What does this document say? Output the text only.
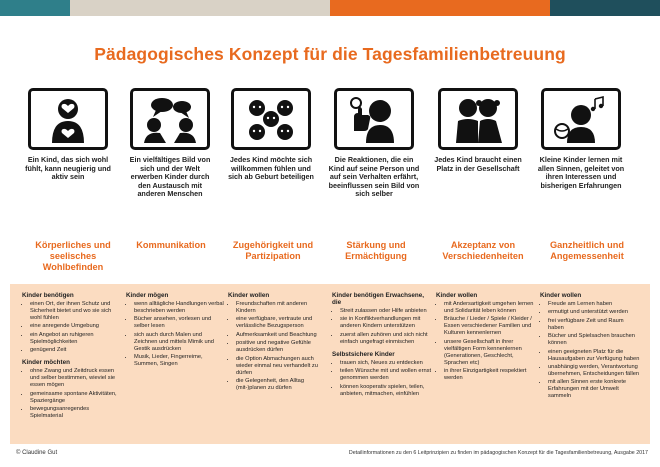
Pädagogisches Konzept für die Tagesfamilienbetreuung
Ein Kind, das sich wohl fühlt, kann neugierig und aktiv sein
Ein vielfältiges Bild von sich und der Welt erwerben Kinder durch den Austausch mit anderen Menschen
Jedes Kind möchte sich willkommen fühlen und sich ab Geburt beteiligen
Die Reaktionen, die ein Kind auf seine Person und auf sein Verhalten erfährt, beeinflussen sein Bild von sich selber
Jedes Kind braucht einen Platz in der Gesellschaft
Kleine Kinder lernen mit allen Sinnen, geleitet von ihren Interessen und bisherigen Erfahrungen
Körperliches und seelisches Wohlbefinden
Kommunikation	Zugehörigkeit und Partizipation
Stärkung und Ermächtigung
Akzeptanz von Verschiedenheiten
Ganzheitlich und Angemessenheit
Kinder benötigen
• einen Ort, der ihnen Schutz und Sicherheit bietet und wo sie sich wohl fühlen
• eine anregende Umgebung
• ein Angebot an ruhigeren Spielmöglichkeiten
• genügend Zeit
Kinder möchten
• ohne Zwang und Zeitdruck essen und selber bestimmen, wieviel sie essen mögen
• gemeinsame spontane Aktivitäten, Spaziergänge
• bewegungsanregendes Spielmaterial
Kinder mögen
• wenn alltägliche Handlungen verbal beschrieben werden
• Bücher ansehen, vorlesen und selber lesen
• sich auch durch Malen und Zeichnen und mittels Mimik und Gestik ausdrücken
• Musik, Lieder, Fingerreime, Summen, Singen
Kinder wollen
• Freundschaften mit anderen Kindern
• eine verfügbare, vertraute und verlässliche Bezugsperson
• Aufmerksamkeit und Beachtung
• positive und negative Gefühle ausdrücken dürfen
• die Option Abmachungen auch wieder einmal neu verhandelt zu dürfen
• die Gelegenheit, den Alltag (mit-)planen zu dürfen
Kinder benötigen Erwachsene, die
• Streit zulassen oder Hilfe anbieten
• sie in Konfliktverhandlungen mit anderen Kindern unterstützen
• zuerst allen zuhören und sich nicht einfach ungefragt einmischen
Selbstsichere Kinder
• trauen sich, Neues zu entdecken
• teilen Wünsche mit und wollen ernst genommen werden
• können kooperativ spielen, teilen, anbieten, mitmachen, einfühlen
Kinder wollen
• mit Andersartigkeit umgehen lernen und Solidarität leben können
• Bräuche / Lieder / Spiele / Kleider / Essen verschiedener Familien und Kulturen kennenlernen
• unsere Gesellschaft in ihrer vielfältigen Form kennenlernen (Generationen, Geschlecht, Sprachen etc)
• in ihrer Einzigartigkeit respektiert werden
Kinder wollen
• Freude am Lernen haben
• ermutigt und unterstützt werden
• frei verfügbare Zeit und Raum haben
• Bücher und Spielsachen brauchen können
• einen geeigneten Platz für die Hausaufgaben zur Verfügung haben
• unabhängig werden, Verantwortung übernehmen, Entscheidungen fällen
• mit allen Sinnen erste konkrete Erfahrungen mit der Umwelt sammeln
© Claudine Gut	Detailinformationen zu den 6 Leitprinzipien zu finden im pädagogischen Konzept für die Tagesfamilienbetreuung, Ausgabe 2017
